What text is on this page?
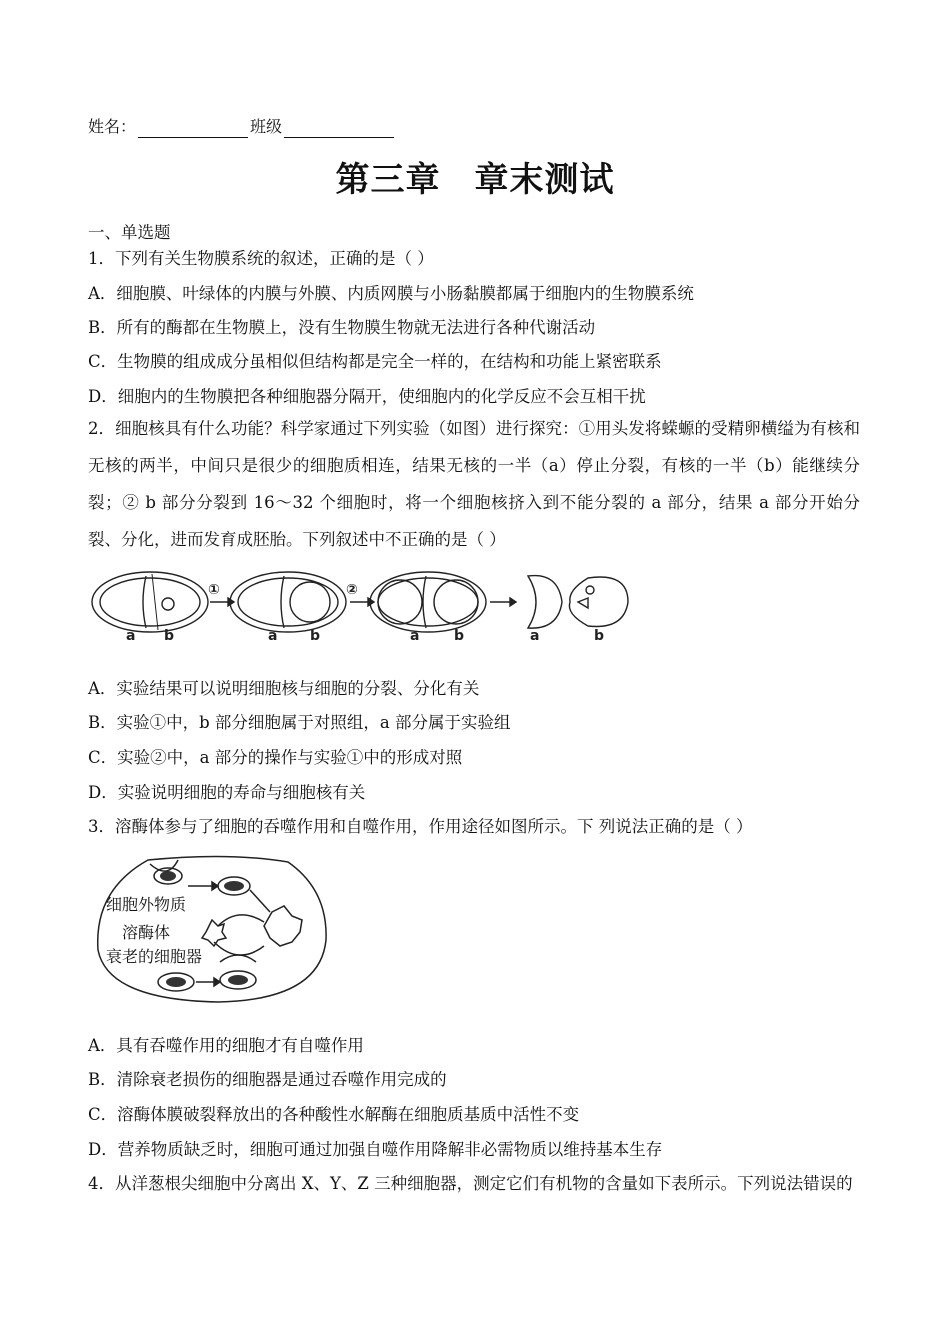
姓名：	班级
第三章 章末测试
一、单选题
1．下列有关生物膜系统的叙述，正确的是（ ）
A．细胞膜、叶绿体的内膜与外膜、内质网膜与小肠黏膜都属于细胞内的生物膜系统
B．所有的酶都在生物膜上，没有生物膜生物就无法进行各种代谢活动
C．生物膜的组成成分虽相似但结构都是完全一样的，在结构和功能上紧密联系
D．细胞内的生物膜把各种细胞器分隔开，使细胞内的化学反应不会互相干扰
2．细胞核具有什么功能？科学家通过下列实验（如图）进行探究：①用头发将蝾螈的受精卵横缢为有核和无核的两半，中间只是很少的细胞质相连，结果无核的一半（a）停止分裂，有核的一半（b）能继续分裂；② b 部分分裂到 16～32 个细胞时，将一个细胞核挤入到不能分裂的 a 部分，结果 a 部分开始分裂、分化，进而发育成胚胎。下列叙述中不正确的是（ ）
a b
①
a b
②
a b	a	b
A．实验结果可以说明细胞核与细胞的分裂、分化有关
B．实验①中，b 部分细胞属于对照组，a 部分属于实验组
C．实验②中，a 部分的操作与实验①中的形成对照
D．实验说明细胞的寿命与细胞核有关
3．溶酶体参与了细胞的吞噬作用和自噬作用，作用途径如图所示。下 列说法正确的是（ ）
细胞外物质
溶酶体
衰老的细胞器
A．具有吞噬作用的细胞才有自噬作用
B．清除衰老损伤的细胞器是通过吞噬作用完成的
C．溶酶体膜破裂释放出的各种酸性水解酶在细胞质基质中活性不变
D．营养物质缺乏时，细胞可通过加强自噬作用降解非必需物质以维持基本生存
4．从洋葱根尖细胞中分离出 X、Y、Z 三种细胞器，测定它们有机物的含量如下表所示。下列说法错误的
